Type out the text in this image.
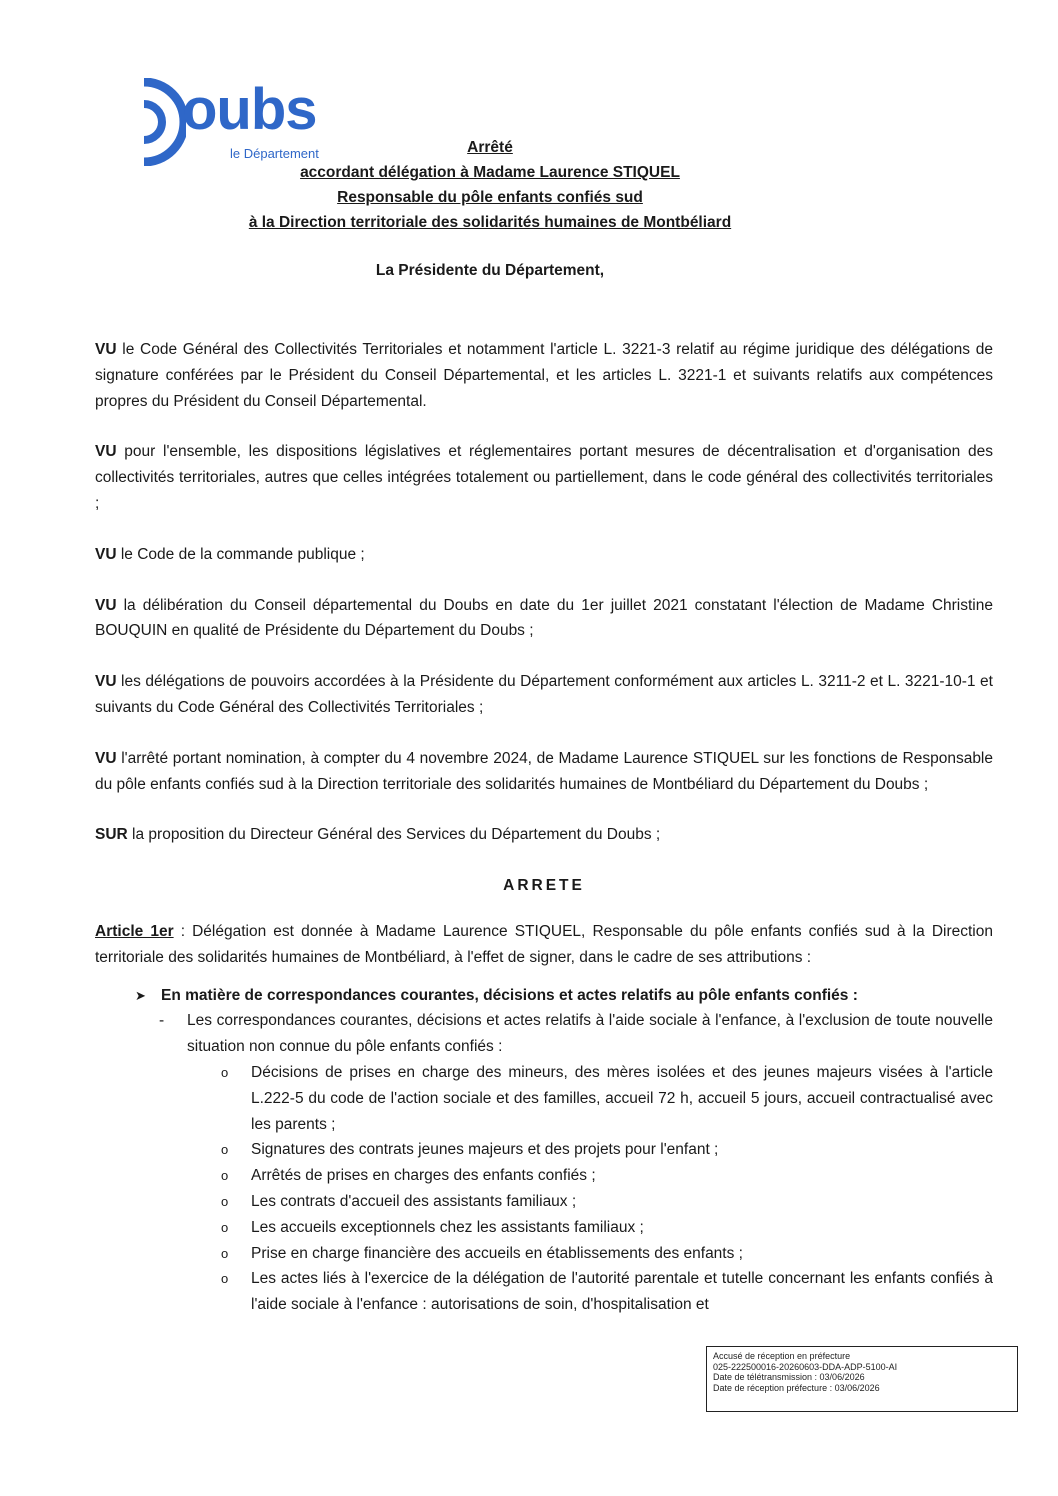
oubs
le Département	Arrêté
accordant délégation à Madame Laurence STIQUEL
Responsable du pôle enfants confiés sud
à la Direction territoriale des solidarités humaines de Montbéliard
La Présidente du Département,

VU le Code Général des Collectivités Territoriales et notamment l'article L. 3221-3 relatif au régime juridique des délégations de signature conférées par le Président du Conseil Départemental, et les articles L. 3221-1 et suivants relatifs aux compétences propres du Président du Conseil Départemental.

VU pour l'ensemble, les dispositions législatives et réglementaires portant mesures de décentralisation et d'organisation des collectivités territoriales, autres que celles intégrées totalement ou partiellement, dans le code général des collectivités territoriales ;

VU le Code de la commande publique ;

VU la délibération du Conseil départemental du Doubs en date du 1er juillet 2021 constatant l'élection de Madame Christine BOUQUIN en qualité de Présidente du Département du Doubs ;

VU les délégations de pouvoirs accordées à la Présidente du Département conformément aux articles L. 3211-2 et L. 3221-10-1 et suivants du Code Général des Collectivités Territoriales ;

VU l'arrêté portant nomination, à compter du 4 novembre 2024, de Madame Laurence STIQUEL sur les fonctions de Responsable du pôle enfants confiés sud à la Direction territoriale des solidarités humaines de Montbéliard du Département du Doubs ;

SUR la proposition du Directeur Général des Services du Département du Doubs ;

ARRETE

Article 1er : Délégation est donnée à Madame Laurence STIQUEL, Responsable du pôle enfants confiés sud à la Direction territoriale des solidarités humaines de Montbéliard, à l'effet de signer, dans le cadre de ses attributions :

➤ En matière de correspondances courantes, décisions et actes relatifs au pôle enfants confiés :
- Les correspondances courantes, décisions et actes relatifs à l'aide sociale à l'enfance, à l'exclusion de toute nouvelle situation non connue du pôle enfants confiés :
o Décisions de prises en charge des mineurs, des mères isolées et des jeunes majeurs visées à l'article L.222-5 du code de l'action sociale et des familles, accueil 72 h, accueil 5 jours, accueil contractualisé avec les parents ;
o Signatures des contrats jeunes majeurs et des projets pour l'enfant ;
o Arrêtés de prises en charges des enfants confiés ;
o Les contrats d'accueil des assistants familiaux ;
o Les accueils exceptionnels chez les assistants familiaux ;
o Prise en charge financière des accueils en établissements des enfants ;
o Les actes liés à l'exercice de la délégation de l'autorité parentale et tutelle concernant les enfants confiés à l'aide sociale à l'enfance : autorisations de soin, d'hospitalisation et
Accusé de réception en préfecture
025-222500016-20260603-DDA-ADP-5100-AI
Date de télétransmission : 03/06/2026
Date de réception préfecture : 03/06/2026
